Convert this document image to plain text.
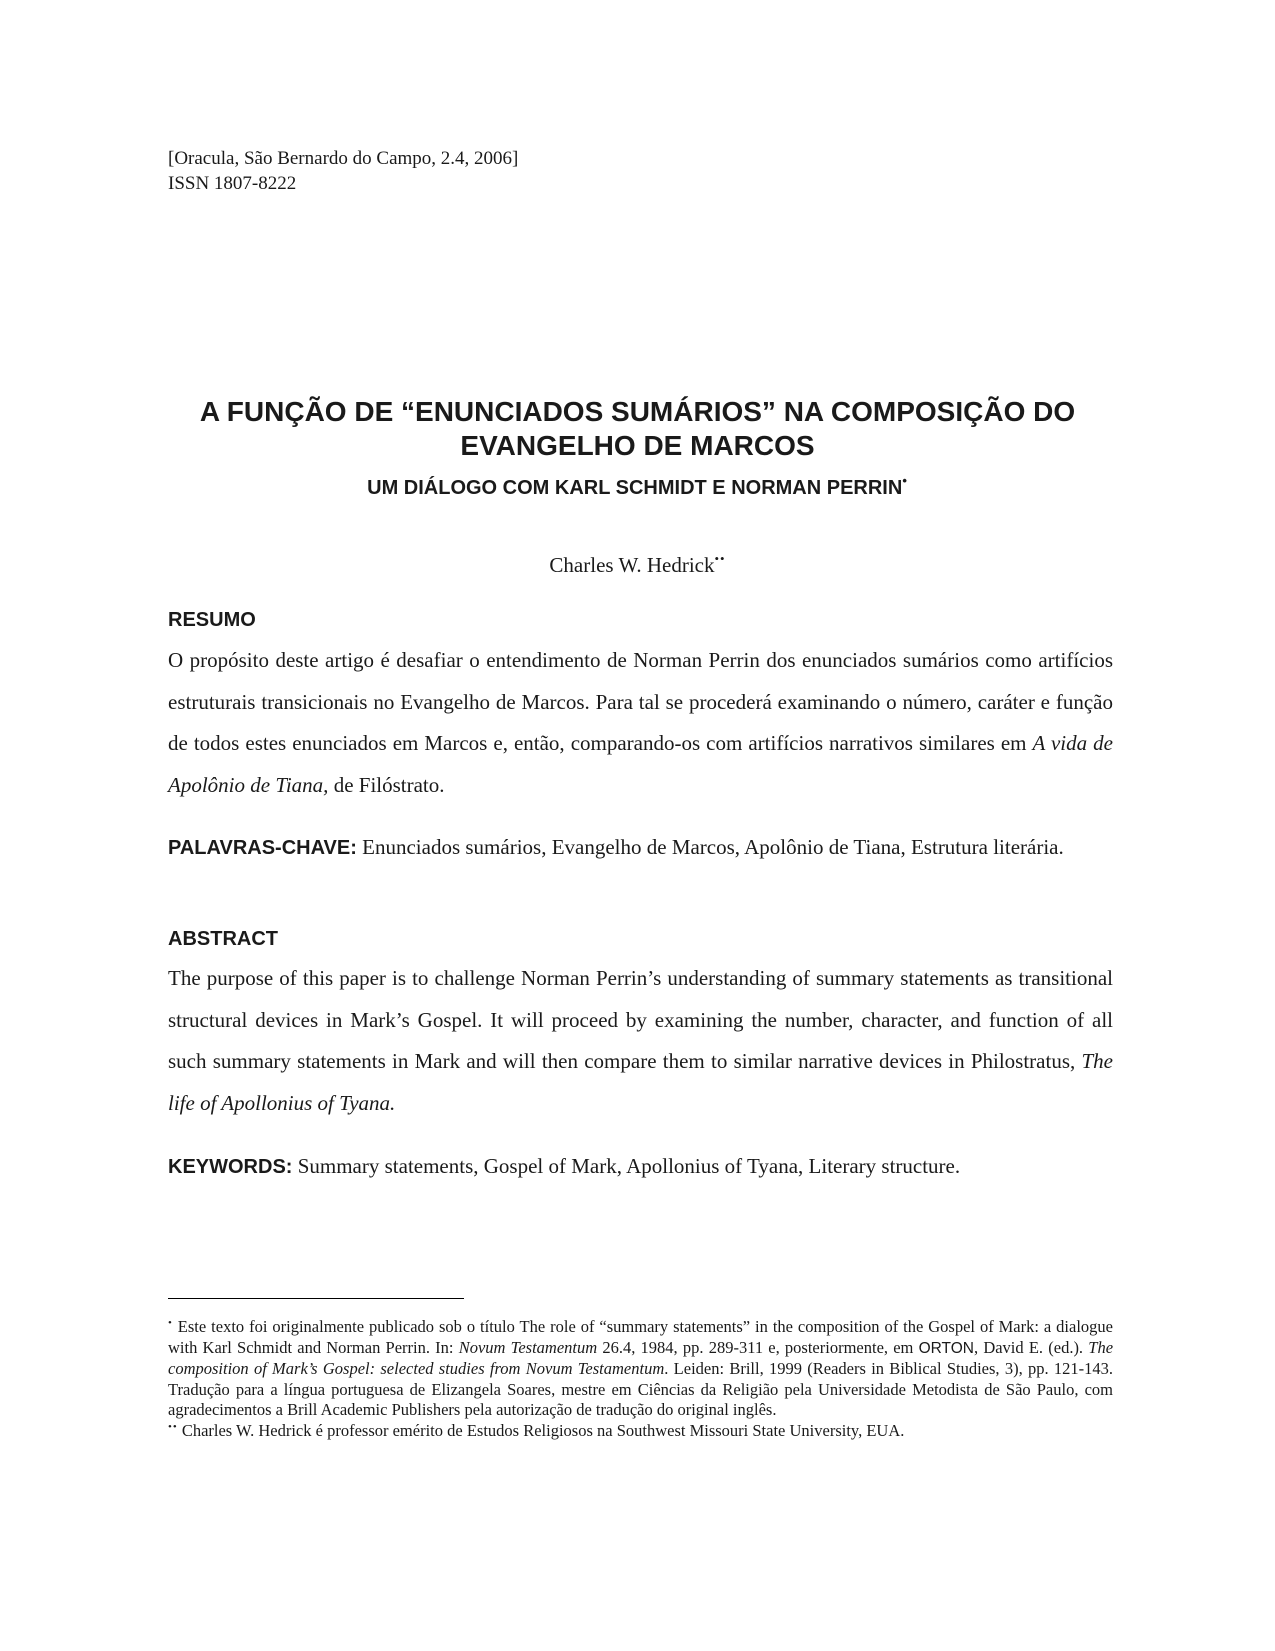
[Oracula, São Bernardo do Campo, 2.4, 2006]
ISSN 1807-8222
A FUNÇÃO DE “ENUNCIADOS SUMÁRIOS” NA COMPOSIÇÃO DO
EVANGELHO DE MARCOS
UM DIÁLOGO COM KARL SCHMIDT E NORMAN PERRIN•
Charles W. Hedrick••
RESUMO
O propósito deste artigo é desafiar o entendimento de Norman Perrin dos enunciados sumários como artifícios estruturais transicionais no Evangelho de Marcos. Para tal se procederá examinando o número, caráter e função de todos estes enunciados em Marcos e, então, comparando-os com artifícios narrativos similares em A vida de Apolônio de Tiana, de Filóstrato.
PALAVRAS-CHAVE: Enunciados sumários, Evangelho de Marcos, Apolônio de Tiana, Estrutura literária.
ABSTRACT
The purpose of this paper is to challenge Norman Perrin’s understanding of summary statements as transitional structural devices in Mark’s Gospel. It will proceed by examining the number, character, and function of all such summary statements in Mark and will then compare them to similar narrative devices in Philostratus, The life of Apollonius of Tyana.
KEYWORDS: Summary statements, Gospel of Mark, Apollonius of Tyana, Literary structure.

• Este texto foi originalmente publicado sob o título The role of “summary statements” in the composition of the Gospel of Mark: a dialogue with Karl Schmidt and Norman Perrin. In: Novum Testamentum 26.4, 1984, pp. 289-311 e, posteriormente, em ORTON, David E. (ed.). The composition of Mark’s Gospel: selected studies from Novum Testamentum. Leiden: Brill, 1999 (Readers in Biblical Studies, 3), pp. 121-143. Tradução para a língua portuguesa de Elizangela Soares, mestre em Ciências da Religião pela Universidade Metodista de São Paulo, com agradecimentos a Brill Academic Publishers pela autorização de tradução do original inglês.

•• Charles W. Hedrick é professor emérito de Estudos Religiosos na Southwest Missouri State University, EUA.
